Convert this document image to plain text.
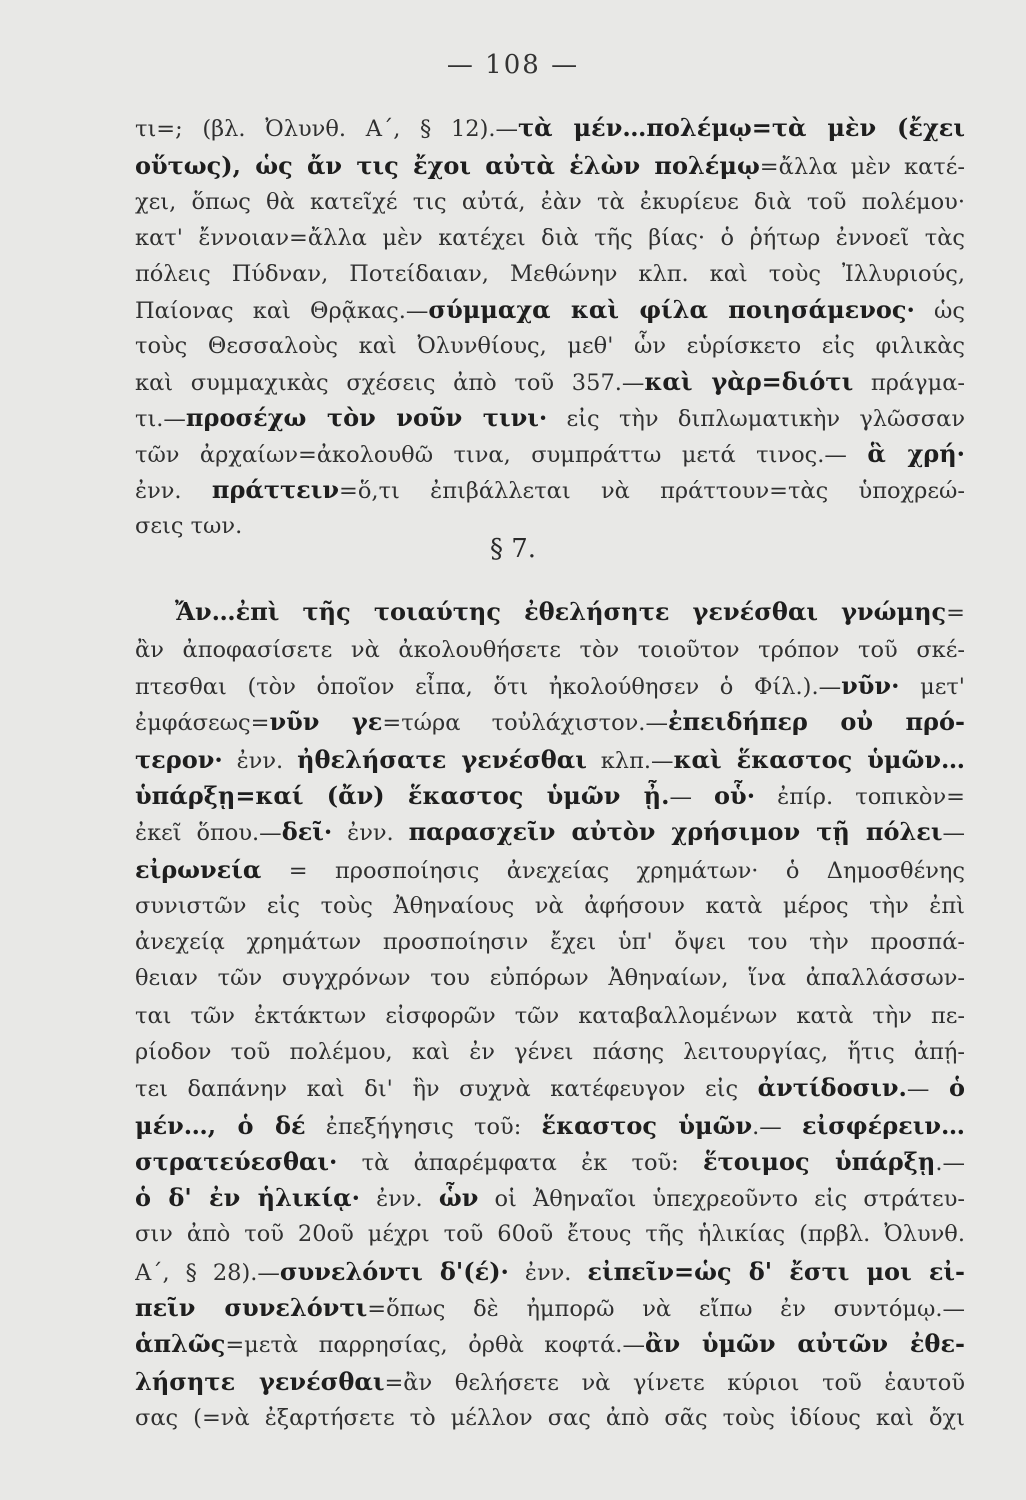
— 108 —
τι=; (βλ. Ὀλυνθ. Α΄, § 12).—τὰ μέν…πολέμῳ=τὰ μὲν (ἔχει
οὕτως), ὡς ἄν τις ἔχοι αὐτὰ ἑλὼν πολέμῳ=ἄλλα μὲν κατέ-
χει, ὅπως θὰ κατεῖχέ τις αὐτά, ἐὰν τὰ ἐκυρίευε διὰ τοῦ πολέμου·
κατ' ἔννοιαν=ἄλλα μὲν κατέχει διὰ τῆς βίας· ὁ ῥήτωρ ἐννοεῖ τὰς
πόλεις Πύδναν, Ποτείδαιαν, Μεθώνην κλπ. καὶ τοὺς Ἰλλυριούς,
Παίονας καὶ Θρᾷκας.—σύμμαχα καὶ φίλα ποιησάμενος· ὡς
τοὺς Θεσσαλοὺς καὶ Ὀλυνθίους, μεθ' ὧν εὑρίσκετο εἰς φιλικὰς
καὶ συμμαχικὰς σχέσεις ἀπὸ τοῦ 357.—καὶ γὰρ=διότι πράγμα-
τι.—προσέχω τὸν νοῦν τινι· εἰς τὴν διπλωματικὴν γλῶσσαν
τῶν ἀρχαίων=ἀκολουθῶ τινα, συμπράττω μετά τινος.— ἃ χρή·
ἐνν. πράττειν=ὅ,τι ἐπιβάλλεται νὰ πράττουν=τὰς ὑποχρεώ-
σεις των.
Ἄν…ἐπὶ τῆς τοιαύτης ἐθελήσητε γενέσθαι γνώμης=
ἂν ἀποφασίσετε νὰ ἀκολουθήσετε τὸν τοιοῦτον τρόπον τοῦ σκέ-
πτεσθαι (τὸν ὁποῖον εἶπα, ὅτι ἠκολούθησεν ὁ Φίλ.).—νῦν· μετ'
ἐμφάσεως=νῦν γε=τώρα τοὐλάχιστον.—ἐπειδήπερ οὐ πρό-
τερον· ἐνν. ἠθελήσατε γενέσθαι κλπ.—καὶ ἕκαστος ὑμῶν…
ὑπάρξῃ=καί (ἄν) ἕκαστος ὑμῶν ᾖ.— οὗ· ἐπίρ. τοπικὸν=
ἐκεῖ ὅπου.—δεῖ· ἐνν. παρασχεῖν αὐτὸν χρήσιμον τῇ πόλει—
εἰρωνεία = προσποίησις ἀνεχείας χρημάτων· ὁ Δημοσθένης
συνιστῶν εἰς τοὺς Ἀθηναίους νὰ ἀφήσουν κατὰ μέρος τὴν ἐπὶ
ἀνεχείᾳ χρημάτων προσποίησιν ἔχει ὑπ' ὄψει του τὴν προσπά-
θειαν τῶν συγχρόνων του εὐπόρων Ἀθηναίων, ἵνα ἀπαλλάσσων-
ται τῶν ἐκτάκτων εἰσφορῶν τῶν καταβαλλομένων κατὰ τὴν πε-
ρίοδον τοῦ πολέμου, καὶ ἐν γένει πάσης λειτουργίας, ἥτις ἀπῄ-
τει δαπάνην καὶ δι' ἣν συχνὰ κατέφευγον εἰς ἀντίδοσιν.— ὁ
μέν…, ὁ δέ ἐπεξήγησις τοῦ: ἕκαστος ὑμῶν.— εἰσφέρειν…
στρατεύεσθαι· τὰ ἀπαρέμφατα ἐκ τοῦ: ἕτοιμος ὑπάρξῃ.—
ὁ δ' ἐν ἡλικίᾳ· ἐνν. ὧν οἱ Ἀθηναῖοι ὑπεχρεοῦντο εἰς στράτευ-
σιν ἀπὸ τοῦ 20οῦ μέχρι τοῦ 60οῦ ἔτους τῆς ἡλικίας (πρβλ. Ὀλυνθ.
Α΄, § 28).—συνελόντι δ'(έ)· ἐνν. εἰπεῖν=ὡς δ' ἔστι μοι εἰ-
πεῖν συνελόντι=ὅπως δὲ ἠμπορῶ νὰ εἴπω ἐν συντόμῳ.—
ἁπλῶς=μετὰ παρρησίας, ὀρθὰ κοφτά.—ἂν ὑμῶν αὐτῶν ἐθε-
λήσητε γενέσθαι=ἂν θελήσετε νὰ γίνετε κύριοι τοῦ ἑαυτοῦ
σας (=νὰ ἐξαρτήσετε τὸ μέλλον σας ἀπὸ σᾶς τοὺς ἰδίους καὶ ὄχι
§ 7.
